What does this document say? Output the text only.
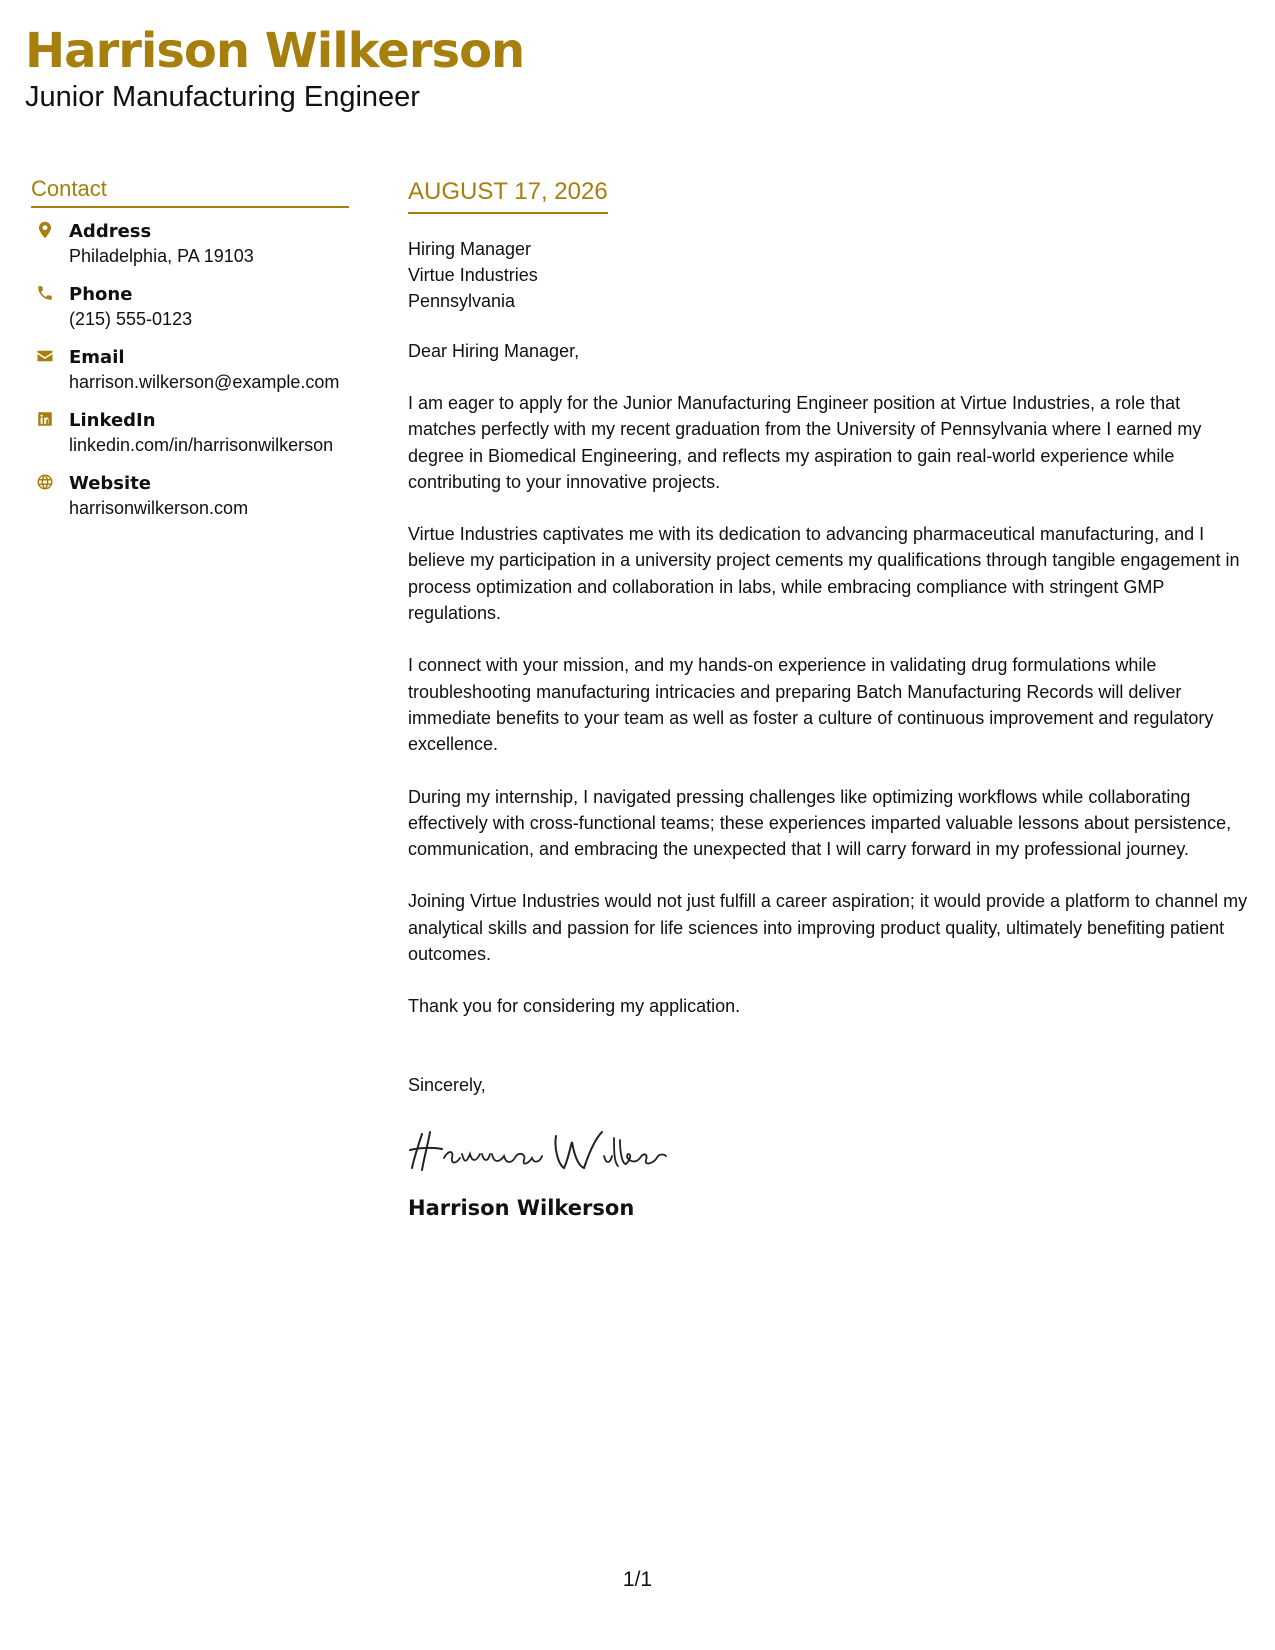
Harrison Wilkerson
Junior Manufacturing Engineer
Contact
Address
Philadelphia, PA 19103
Phone
(215) 555-0123
Email
harrison.wilkerson@example.com
LinkedIn
linkedin.com/in/harrisonwilkerson
Website
harrisonwilkerson.com
AUGUST 17, 2026
Hiring Manager
Virtue Industries
Pennsylvania
Dear Hiring Manager,
I am eager to apply for the Junior Manufacturing Engineer position at Virtue Industries, a role that matches perfectly with my recent graduation from the University of Pennsylvania where I earned my degree in Biomedical Engineering, and reflects my aspiration to gain real-world experience while contributing to your innovative projects.
Virtue Industries captivates me with its dedication to advancing pharmaceutical manufacturing, and I believe my participation in a university project cements my qualifications through tangible engagement in process optimization and collaboration in labs, while embracing compliance with stringent GMP regulations.
I connect with your mission, and my hands-on experience in validating drug formulations while troubleshooting manufacturing intricacies and preparing Batch Manufacturing Records will deliver immediate benefits to your team as well as foster a culture of continuous improvement and regulatory excellence.
During my internship, I navigated pressing challenges like optimizing workflows while collaborating effectively with cross-functional teams; these experiences imparted valuable lessons about persistence, communication, and embracing the unexpected that I will carry forward in my professional journey.
Joining Virtue Industries would not just fulfill a career aspiration; it would provide a platform to channel my analytical skills and passion for life sciences into improving product quality, ultimately benefiting patient outcomes.
Thank you for considering my application.
Sincerely,
Harrison Wilkerson
1/1
